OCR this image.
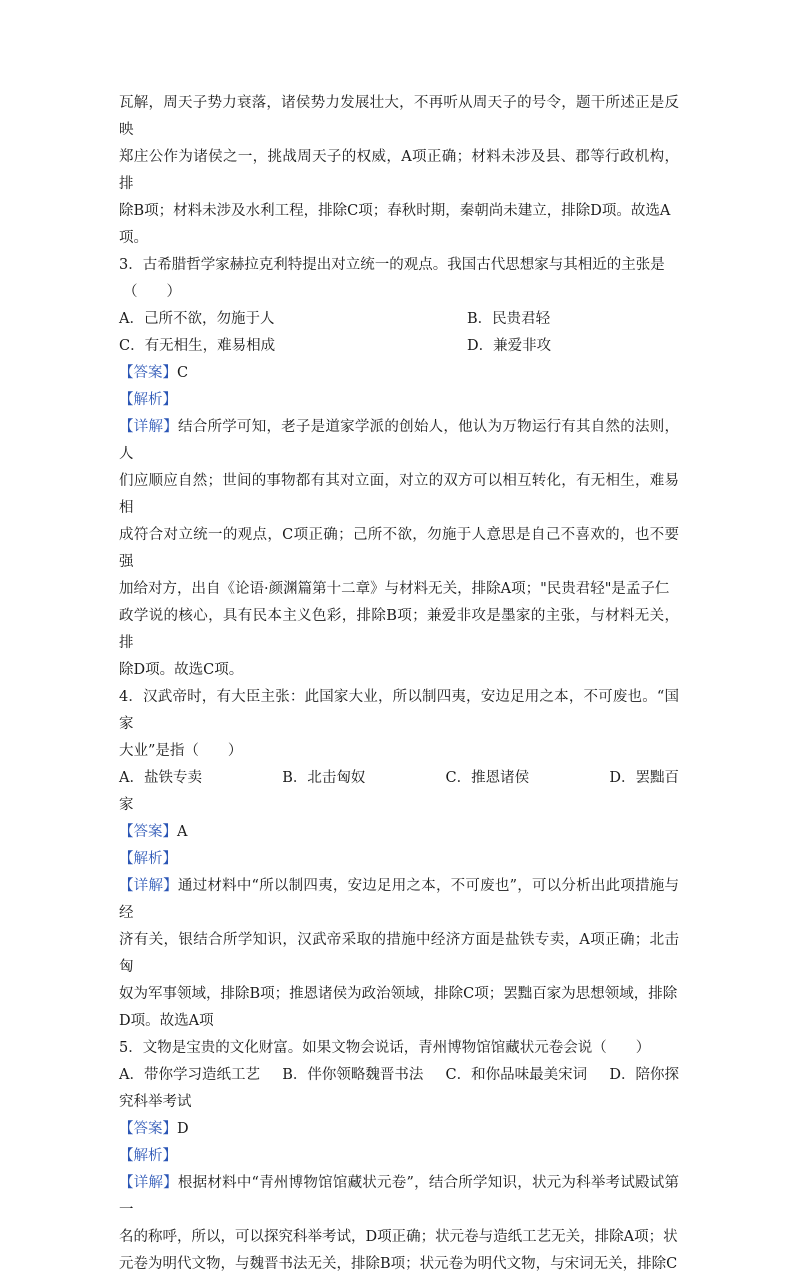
瓦解，周天子势力衰落，诸侯势力发展壮大，不再听从周天子的号令，题干所述正是反映

郑庄公作为诸侯之一，挑战周天子的权威，A项正确；材料未涉及县、郡等行政机构，排

除B项；材料未涉及水利工程，排除C项；春秋时期，秦朝尚未建立，排除D项。故选A

项。

3．古希腊哲学家赫拉克利特提出对立统一的观点。我国古代思想家与其相近的主张是

（　　）

A．己所不欲，勿施于人	B．民贵君轻
C．有无相生，难易相成	D．兼爱非攻

【答案】C

【解析】

【详解】结合所学可知，老子是道家学派的创始人，他认为万物运行有其自然的法则，人

们应顺应自然；世间的事物都有其对立面，对立的双方可以相互转化，有无相生，难易相

成符合对立统一的观点，C项正确；己所不欲，勿施于人意思是自己不喜欢的，也不要强

加给对方，出自《论语·颜渊篇第十二章》与材料无关，排除A项；"民贵君轻"是孟子仁

政学说的核心，具有民本主义色彩，排除B项；兼爱非攻是墨家的主张，与材料无关，排

除D项。故选C项。

4．汉武帝时，有大臣主张：此国家大业，所以制四夷，安边足用之本，不可废也。“国家

大业”是指（　　）

A．盐铁专卖	B．北击匈奴	C．推恩诸侯	D．罢黜百
家

【答案】A

【解析】

【详解】通过材料中“所以制四夷，安边足用之本，不可废也”，可以分析出此项措施与经

济有关，银结合所学知识，汉武帝采取的措施中经济方面是盐铁专卖，A项正确；北击匈

奴为军事领域，排除B项；推恩诸侯为政治领域，排除C项；罢黜百家为思想领域，排除

D项。故选A项

5．文物是宝贵的文化财富。如果文物会说话，青州博物馆馆藏状元卷会说（　　）

A．带你学习造纸工艺 B．伴你领略魏晋书法 C．和你品味最美宋词 D．陪你探
究科举考试

【答案】D

【解析】

【详解】根据材料中“青州博物馆馆藏状元卷”，结合所学知识，状元为科举考试殿试第一

名的称呼，所以，可以探究科举考试，D项正确；状元卷与造纸工艺无关，排除A项；状

元卷为明代文物，与魏晋书法无关，排除B项；状元卷为明代文物，与宋词无关，排除C
